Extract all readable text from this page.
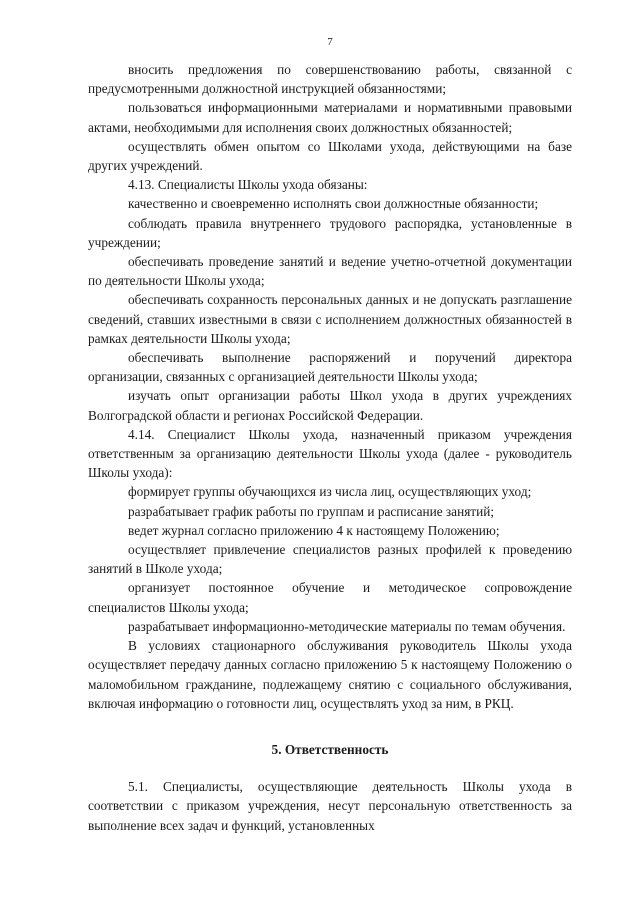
7

вносить предложения по совершенствованию работы, связанной с предусмотренными должностной инструкцией обязанностями;

пользоваться информационными материалами и нормативными правовыми актами, необходимыми для исполнения своих должностных обязанностей;

осуществлять обмен опытом со Школами ухода, действующими на базе других учреждений.

4.13. Специалисты Школы ухода обязаны:

качественно и своевременно исполнять свои должностные обязанности;

соблюдать правила внутреннего трудового распорядка, установленные в учреждении;

обеспечивать проведение занятий и ведение учетно-отчетной документации по деятельности Школы ухода;

обеспечивать сохранность персональных данных и не допускать разглашение сведений, ставших известными в связи с исполнением должностных обязанностей в рамках деятельности Школы ухода;

обеспечивать выполнение распоряжений и поручений директора организации, связанных с организацией деятельности Школы ухода;

изучать опыт организации работы Школ ухода в других учреждениях Волгоградской области и регионах Российской Федерации.

4.14. Специалист Школы ухода, назначенный приказом учреждения ответственным за организацию деятельности Школы ухода (далее - руководитель Школы ухода):

формирует группы обучающихся из числа лиц, осуществляющих уход;

разрабатывает график работы по группам и расписание занятий;

ведет журнал согласно приложению 4 к настоящему Положению;

осуществляет привлечение специалистов разных профилей к проведению занятий в Школе ухода;

организует постоянное обучение и методическое сопровождение специалистов Школы ухода;

разрабатывает информационно-методические материалы по темам обучения.

В условиях стационарного обслуживания руководитель Школы ухода осуществляет передачу данных согласно приложению 5 к настоящему Положению о маломобильном гражданине, подлежащему снятию с социального обслуживания, включая информацию о готовности лиц, осуществлять уход за ним, в РКЦ.

5. Ответственность

5.1. Специалисты, осуществляющие деятельность Школы ухода в соответствии с приказом учреждения, несут персональную ответственность за выполнение всех задач и функций, установленных
